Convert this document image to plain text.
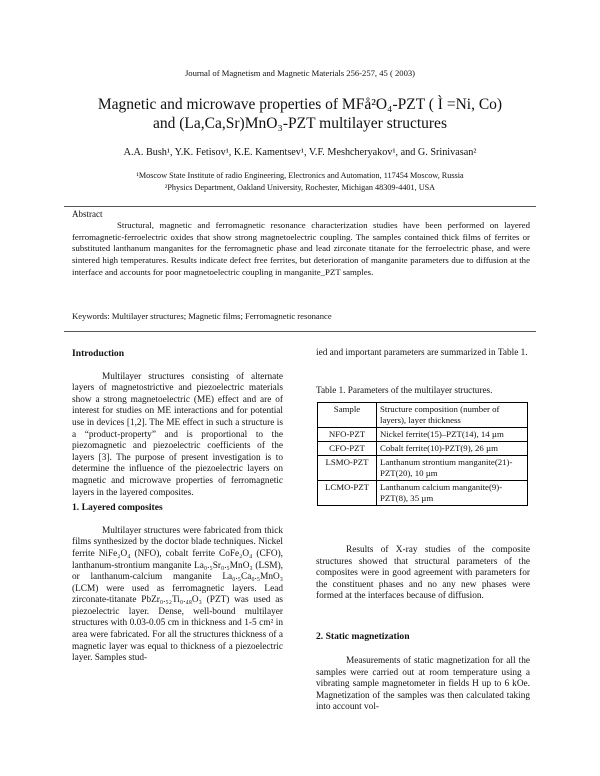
Journal of Magnetism and Magnetic Materials 256-257, 45 ( 2003)
Magnetic and microwave properties of MFå²O₄-PZT ( Ì =Ni, Co)
and (La,Ca,Sr)MnO₃-PZT multilayer structures
A.A. Bush¹, Y.K. Fetisov¹, K.E. Kamentsev¹, V.F. Meshcheryakov¹, and G. Srinivasan²
¹Moscow State Institute of radio Engineering, Electronics and Automation, 117454 Moscow, Russia
²Physics Department, Oakland University, Rochester, Michigan 48309-4401, USA
Abstract
Structural, magnetic and ferromagnetic resonance characterization studies have been performed on layered ferromagnetic-ferroelectric oxides that show strong magnetoelectric coupling. The samples contained thick films of ferrites or substituted lanthanum manganites for the ferromagnetic phase and lead zirconate titanate for the ferroelectric phase, and were sintered high temperatures. Results indicate defect free ferrites, but deterioration of manganite parameters due to diffusion at the interface and accounts for poor magnetoelectric coupling in manganite_PZT samples.
Keywords: Multilayer structures; Magnetic films; Ferromagnetic resonance
Introduction
Multilayer structures consisting of alternate layers of magnetostrictive and piezoelectric materials show a strong magnetoelectric (ME) effect and are of interest for studies on ME interactions and for potential use in devices [1,2]. The ME effect in such a structure is a “product-property” and is proportional to the piezomagnetic and piezoelectric coefficients of the layers [3]. The purpose of present investigation is to determine the influence of the piezoelectric layers on magnetic and microwave properties of ferromagnetic layers in the layered composites.
1. Layered composites
Multilayer structures were fabricated from thick films synthesized by the doctor blade techniques. Nickel ferrite NiFe₂O₄ (NFO), cobalt ferrite CoFe₂O₄ (CFO), lanthanum-strontium manganite La₀.₅Sr₀.₅MnO₃ (LSM), or lanthanum-calcium manganite La₀.₅Ca₀.₅MnO₃ (LCM) were used as ferromagnetic layers. Lead zirconate-titanate PbZr₀.₅₂Ti₀.₄₈O₃ (PZT) was used as piezoelectric layer. Dense, well-bound multilayer structures with 0.03-0.05 cm in thickness and 1-5 cm² in area were fabricated. For all the structures thickness of a magnetic layer was equal to thickness of a piezoelectric layer. Samples stud-
ied and important parameters are summarized in Table 1.
Table 1. Parameters of the multilayer structures.
Sample	Structure composition (number of layers), layer thickness
NFO-PZT	Nickel ferrite(15)–PZT(14), 14 µm
CFO-PZT	Cobalt ferrite(10)-PZT(9), 26 µm
LSMO-PZT	Lanthanum strontium manganite(21)- PZT(20), 10 µm
LCMO-PZT	Lanthanum calcium manganite(9)- PZT(8), 35 µm
Results of X-ray studies of the composite structures showed that structural parameters of the composites were in good agreement with parameters for the constituent phases and no any new phases were formed at the interfaces because of diffusion.
2. Static magnetization
Measurements of static magnetization for all the samples were carried out at room temperature using a vibrating sample magnetometer in fields H up to 6 kOe. Magnetization of the samples was then calculated taking into account vol-
